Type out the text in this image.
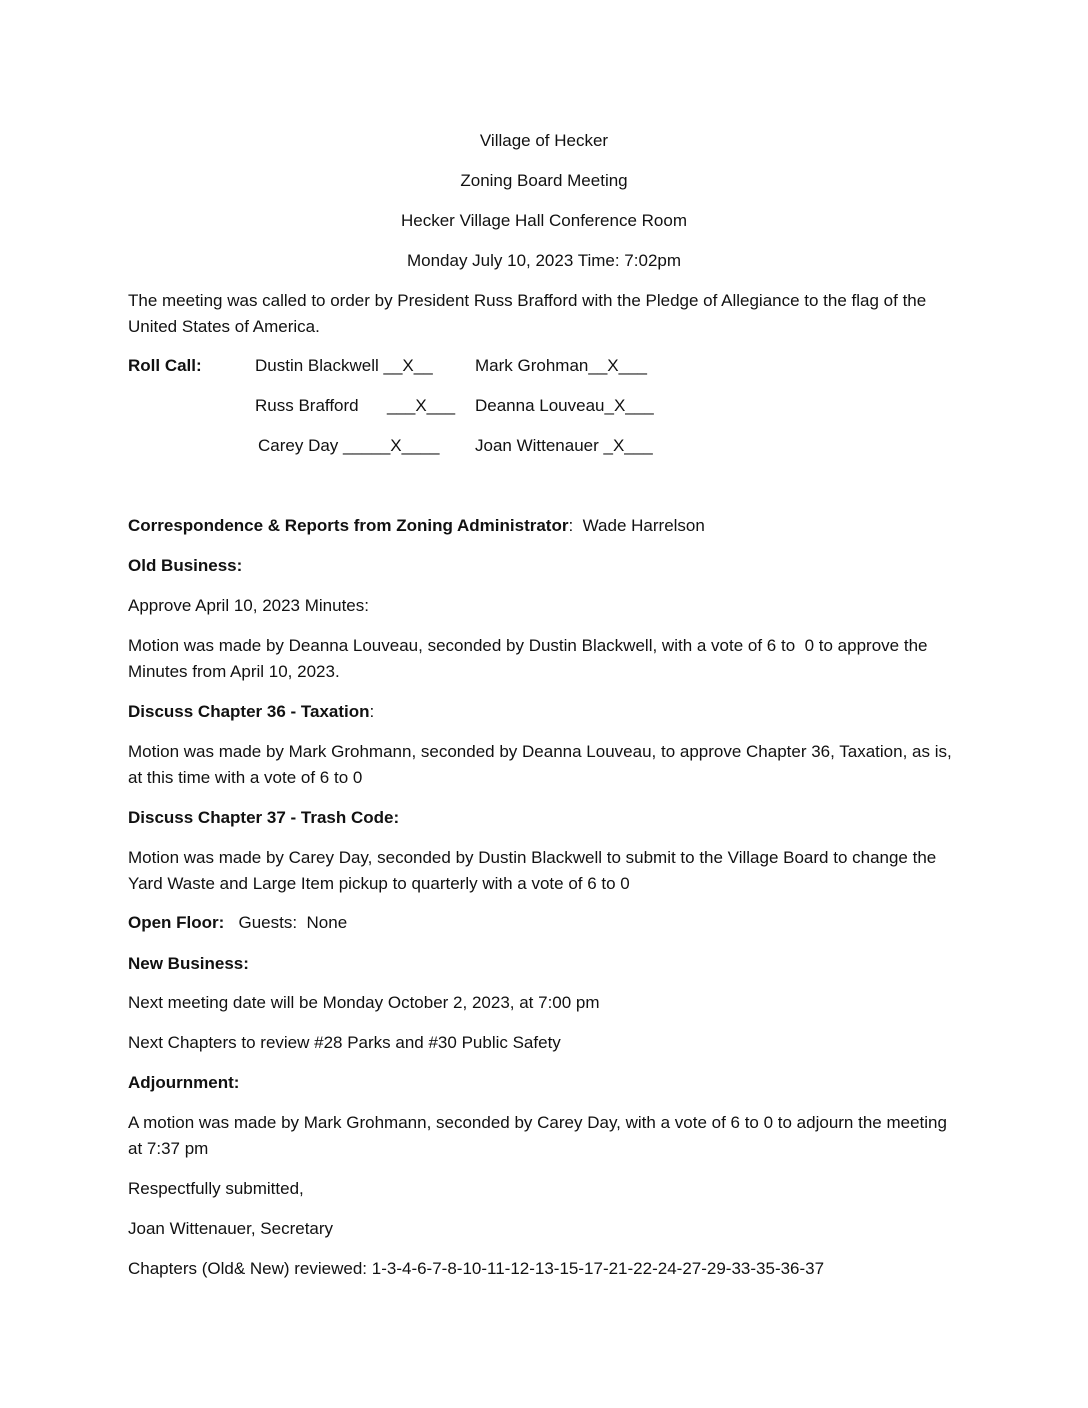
Village of Hecker
Zoning Board Meeting
Hecker Village Hall Conference Room
Monday July 10, 2023 Time: 7:02pm
The meeting was called to order by President Russ Brafford with the Pledge of Allegiance to the flag of the United States of America.
Roll Call:	Dustin Blackwell __X__ Mark Grohman__X___
Russ Brafford      ___X___ Deanna Louveau_X___
Carey Day _____X____ Joan Wittenauer _X___
Correspondence & Reports from Zoning Administrator:  Wade Harrelson
Old Business:
Approve April 10, 2023 Minutes:
Motion was made by Deanna Louveau, seconded by Dustin Blackwell, with a vote of 6 to  0 to approve the Minutes from April 10, 2023.
Discuss Chapter 36 - Taxation:
Motion was made by Mark Grohmann, seconded by Deanna Louveau, to approve Chapter 36, Taxation, as is, at this time with a vote of 6 to 0
Discuss Chapter 37 - Trash Code:
Motion was made by Carey Day, seconded by Dustin Blackwell to submit to the Village Board to change the Yard Waste and Large Item pickup to quarterly with a vote of 6 to 0
Open Floor:   Guests:  None
New Business:
Next meeting date will be Monday October 2, 2023, at 7:00 pm
Next Chapters to review #28 Parks and #30 Public Safety
Adjournment:
A motion was made by Mark Grohmann, seconded by Carey Day, with a vote of 6 to 0 to adjourn the meeting at 7:37 pm
Respectfully submitted,
Joan Wittenauer, Secretary
Chapters (Old& New) reviewed: 1-3-4-6-7-8-10-11-12-13-15-17-21-22-24-27-29-33-35-36-37
